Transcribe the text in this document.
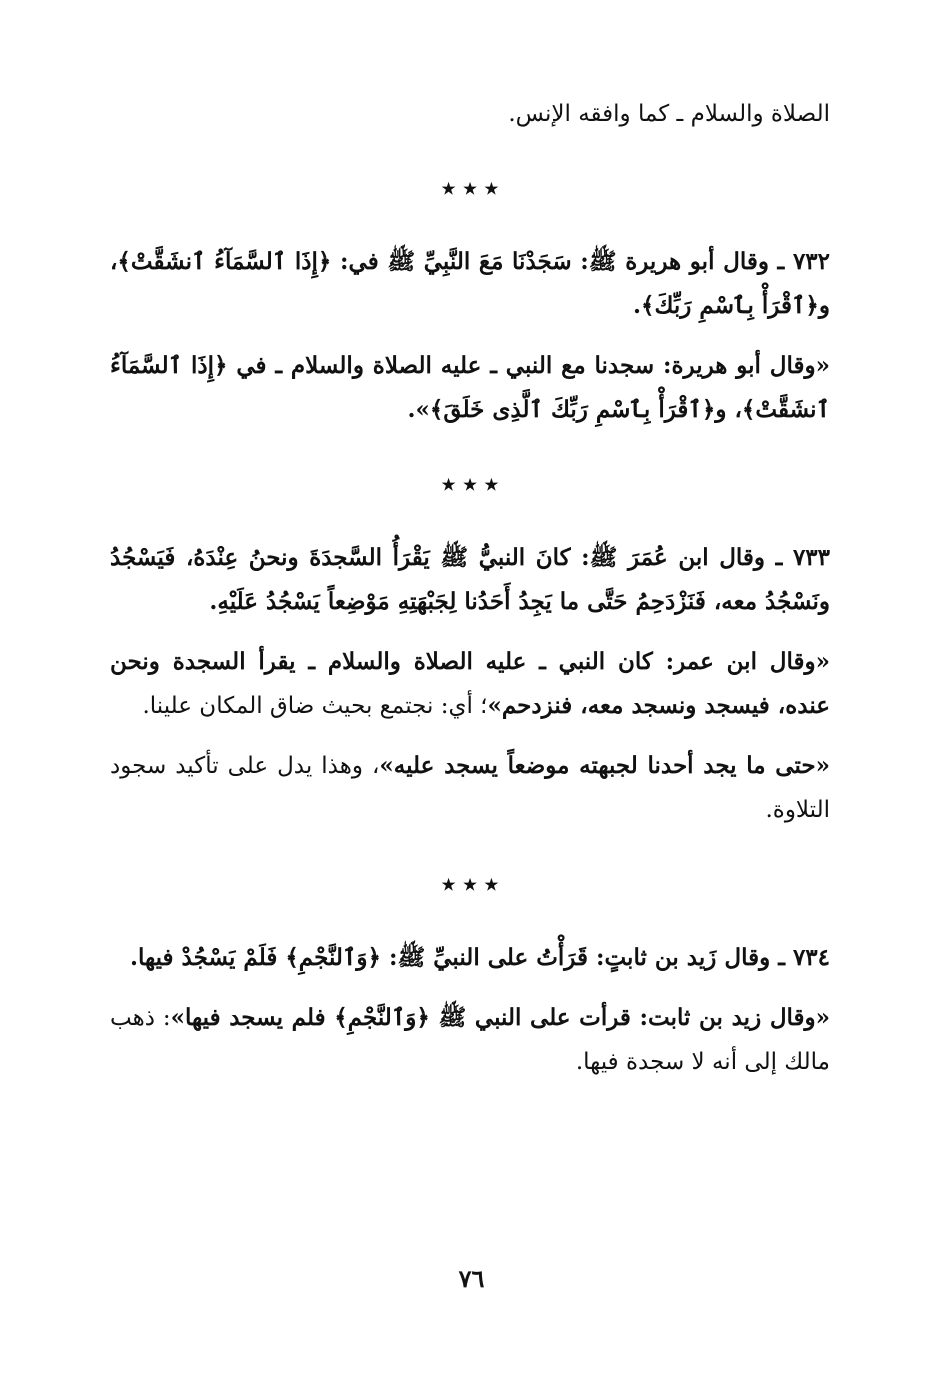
الصلاة والسلام ـ كما وافقه الإنس.

٭ ٭ ٭

٧٣٢ ـ وقال أبو هريرة ﷺ: سَجَدْنَا مَعَ النَّبِيِّ ﷺ في: ﴿إِذَا ٱلسَّمَآءُ ٱنشَقَّتْ﴾، و﴿ٱقْرَأْ بِٱسْمِ رَبِّكَ﴾.

«وقال أبو هريرة: سجدنا مع النبي ـ عليه الصلاة والسلام ـ في ﴿إِذَا ٱلسَّمَآءُ ٱنشَقَّتْ﴾، و﴿ٱقْرَأْ بِٱسْمِ رَبِّكَ ٱلَّذِى خَلَقَ﴾».

٭ ٭ ٭

٧٣٣ ـ وقال ابن عُمَرَ ﷺ: كانَ النبيُّ ﷺ يَقْرَأُ السَّجدَةَ ونحنُ عِنْدَهُ، فَيَسْجُدُ ونَسْجُدُ معه، فَنَزْدَحِمُ حَتَّى ما يَجِدُ أَحَدُنا لِجَبْهَتِهِ مَوْضِعاً يَسْجُدُ عَلَيْهِ.

«وقال ابن عمر: كان النبي ـ عليه الصلاة والسلام ـ يقرأ السجدة ونحن عنده، فيسجد ونسجد معه، فنزدحم»؛ أي: نجتمع بحيث ضاق المكان علينا.

«حتى ما يجد أحدنا لجبهته موضعاً يسجد عليه»، وهذا يدل على تأكيد سجود التلاوة.

٭ ٭ ٭

٧٣٤ ـ وقال زَيد بن ثابتٍ: قَرَأْتُ على النبيِّ ﷺ: ﴿وَٱلنَّجْمِ﴾ فَلَمْ يَسْجُدْ فيها.

«وقال زيد بن ثابت: قرأت على النبي ﷺ ﴿وَٱلنَّجْمِ﴾ فلم يسجد فيها»: ذهب مالك إلى أنه لا سجدة فيها.

٧٦
